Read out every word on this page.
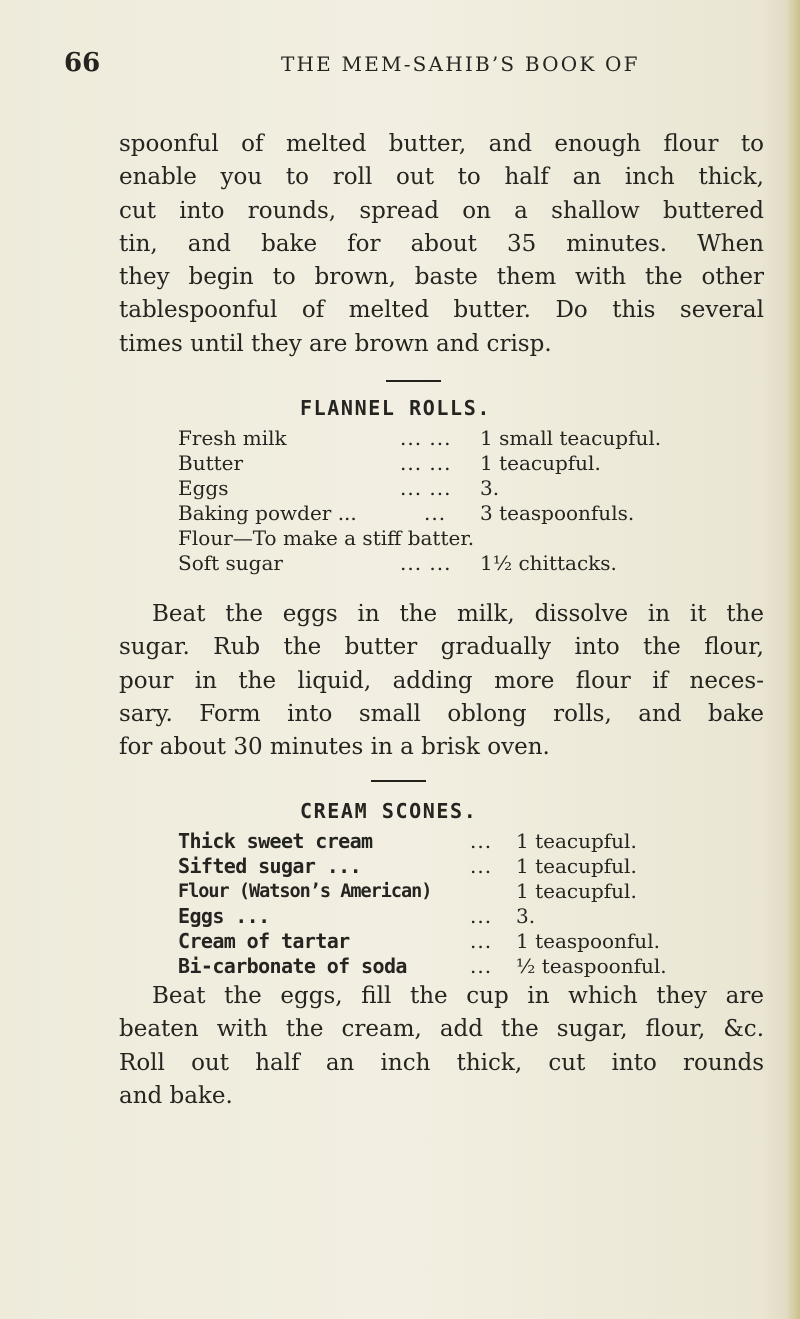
66	THE MEM-SAHIB’S BOOK OF
spoonful of melted butter, and enough flour to
enable you to roll out to half an inch thick,
cut into rounds, spread on a shallow buttered
tin, and bake for about 35 minutes. When
they begin to brown, baste them with the other
tablespoonful of melted butter. Do this several
times until they are brown and crisp.
FLANNEL ROLLS.
Fresh milk	... ...	1 small teacupful.
Butter	... ...	1 teacupful.
Eggs	... ...	3.
Baking powder ...	...	3 teaspoonfuls.
Flour—To make a stiff batter.
Soft sugar	... ...	1½ chittacks.
Beat the eggs in the milk, dissolve in it the
sugar. Rub the butter gradually into the flour,
pour in the liquid, adding more flour if neces-
sary. Form into small oblong rolls, and bake
for about 30 minutes in a brisk oven.
CREAM SCONES.
Thick sweet cream	...	1 teacupful.
Sifted sugar ...	...	1 teacupful.
Flour (Watson’s American)	1 teacupful.
Eggs ...	...	3.
Cream of tartar	...	1 teaspoonful.
Bi-carbonate of soda	...	½ teaspoonful.
Beat the eggs, fill the cup in which they are
beaten with the cream, add the sugar, flour, &c.
Roll out half an inch thick, cut into rounds
and bake.
